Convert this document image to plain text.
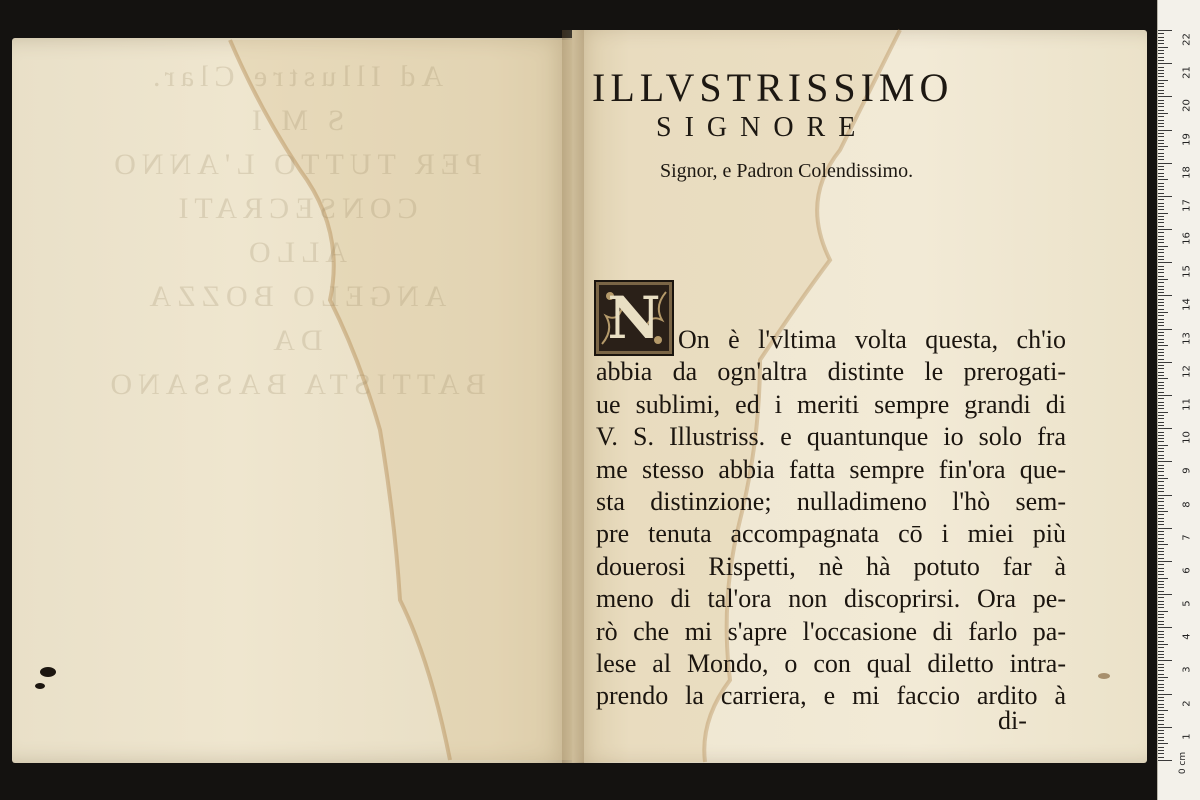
Ad Illustre Clar.
S M I
PER TUTTO L'ANNO
CONSECRATI
ALLO
ANGELO BOZZA
DA
BATTISTA BASSANO
ILLVSTRISSIMO
SIGNORE
Signor, e Padron Colendissimo.
N On è l'vltima volta questa, ch'io
abbia da ogn'altra distinte le prerogati-
ue sublimi, ed i meriti sempre grandi di
V. S. Illustriss. e quantunque io solo fra
me stesso abbia fatta sempre fin'ora que-
sta distinzione; nulladimeno l'hò sem-
pre tenuta accompagnata cō i miei più
douerosi Rispetti, nè hà potuto far à
meno di tal'ora non discoprirsi. Ora pe-
rò che mi s'apre l'occasione di farlo pa-
lese al Mondo, o con qual diletto intra-
prendo la carriera, e mi faccio ardito à
di-
0 cm
22
21
20
19
18
17
16
15
14
13
12
11
10
9
8
7
6
5
4
3
2
1
